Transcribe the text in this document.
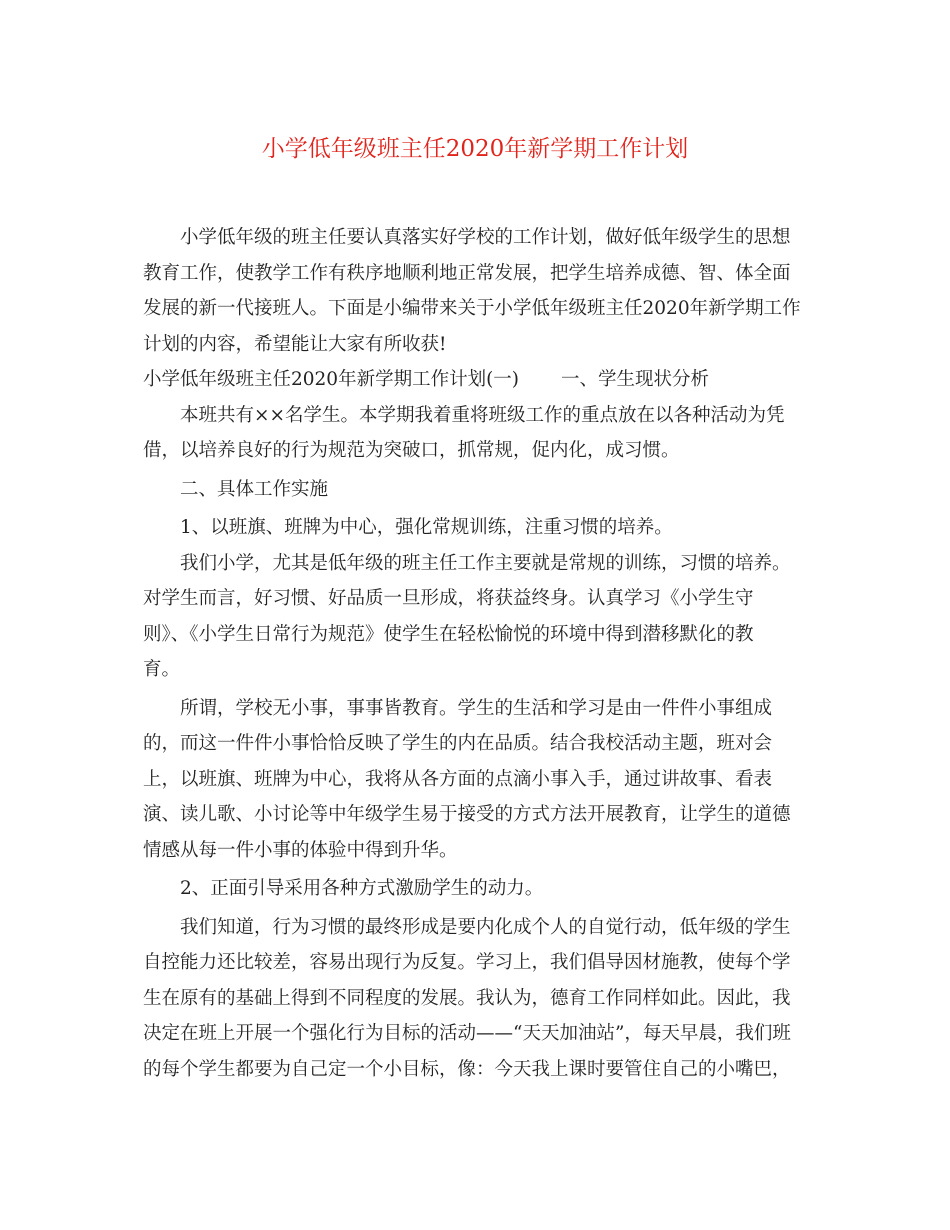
小学低年级班主任2020年新学期工作计划
小学低年级的班主任要认真落实好学校的工作计划，做好低年级学生的思想
教育工作，使教学工作有秩序地顺利地正常发展，把学生培养成德、智、体全面
发展的新一代接班人。下面是小编带来关于小学低年级班主任2020年新学期工作
计划的内容，希望能让大家有所收获!
小学低年级班主任2020年新学期工作计划(一) 一、学生现状分析
本班共有××名学生。本学期我着重将班级工作的重点放在以各种活动为凭
借，以培养良好的行为规范为突破口，抓常规，促内化，成习惯。
二、具体工作实施
1、以班旗、班牌为中心，强化常规训练，注重习惯的培养。
我们小学，尤其是低年级的班主任工作主要就是常规的训练，习惯的培养。
对学生而言，好习惯、好品质一旦形成，将获益终身。认真学习《小学生守
则》、《小学生日常行为规范》使学生在轻松愉悦的环境中得到潜移默化的教
育。
所谓，学校无小事，事事皆教育。学生的生活和学习是由一件件小事组成
的，而这一件件小事恰恰反映了学生的内在品质。结合我校活动主题，班对会
上，以班旗、班牌为中心，我将从各方面的点滴小事入手，通过讲故事、看表
演、读儿歌、小讨论等中年级学生易于接受的方式方法开展教育，让学生的道德
情感从每一件小事的体验中得到升华。
2、正面引导采用各种方式激励学生的动力。
我们知道，行为习惯的最终形成是要内化成个人的自觉行动，低年级的学生
自控能力还比较差，容易出现行为反复。学习上，我们倡导因材施教，使每个学
生在原有的基础上得到不同程度的发展。我认为，德育工作同样如此。因此，我
决定在班上开展一个强化行为目标的活动——“天天加油站”，每天早晨，我们班
的每个学生都要为自己定一个小目标，像：今天我上课时要管住自己的小嘴巴，
